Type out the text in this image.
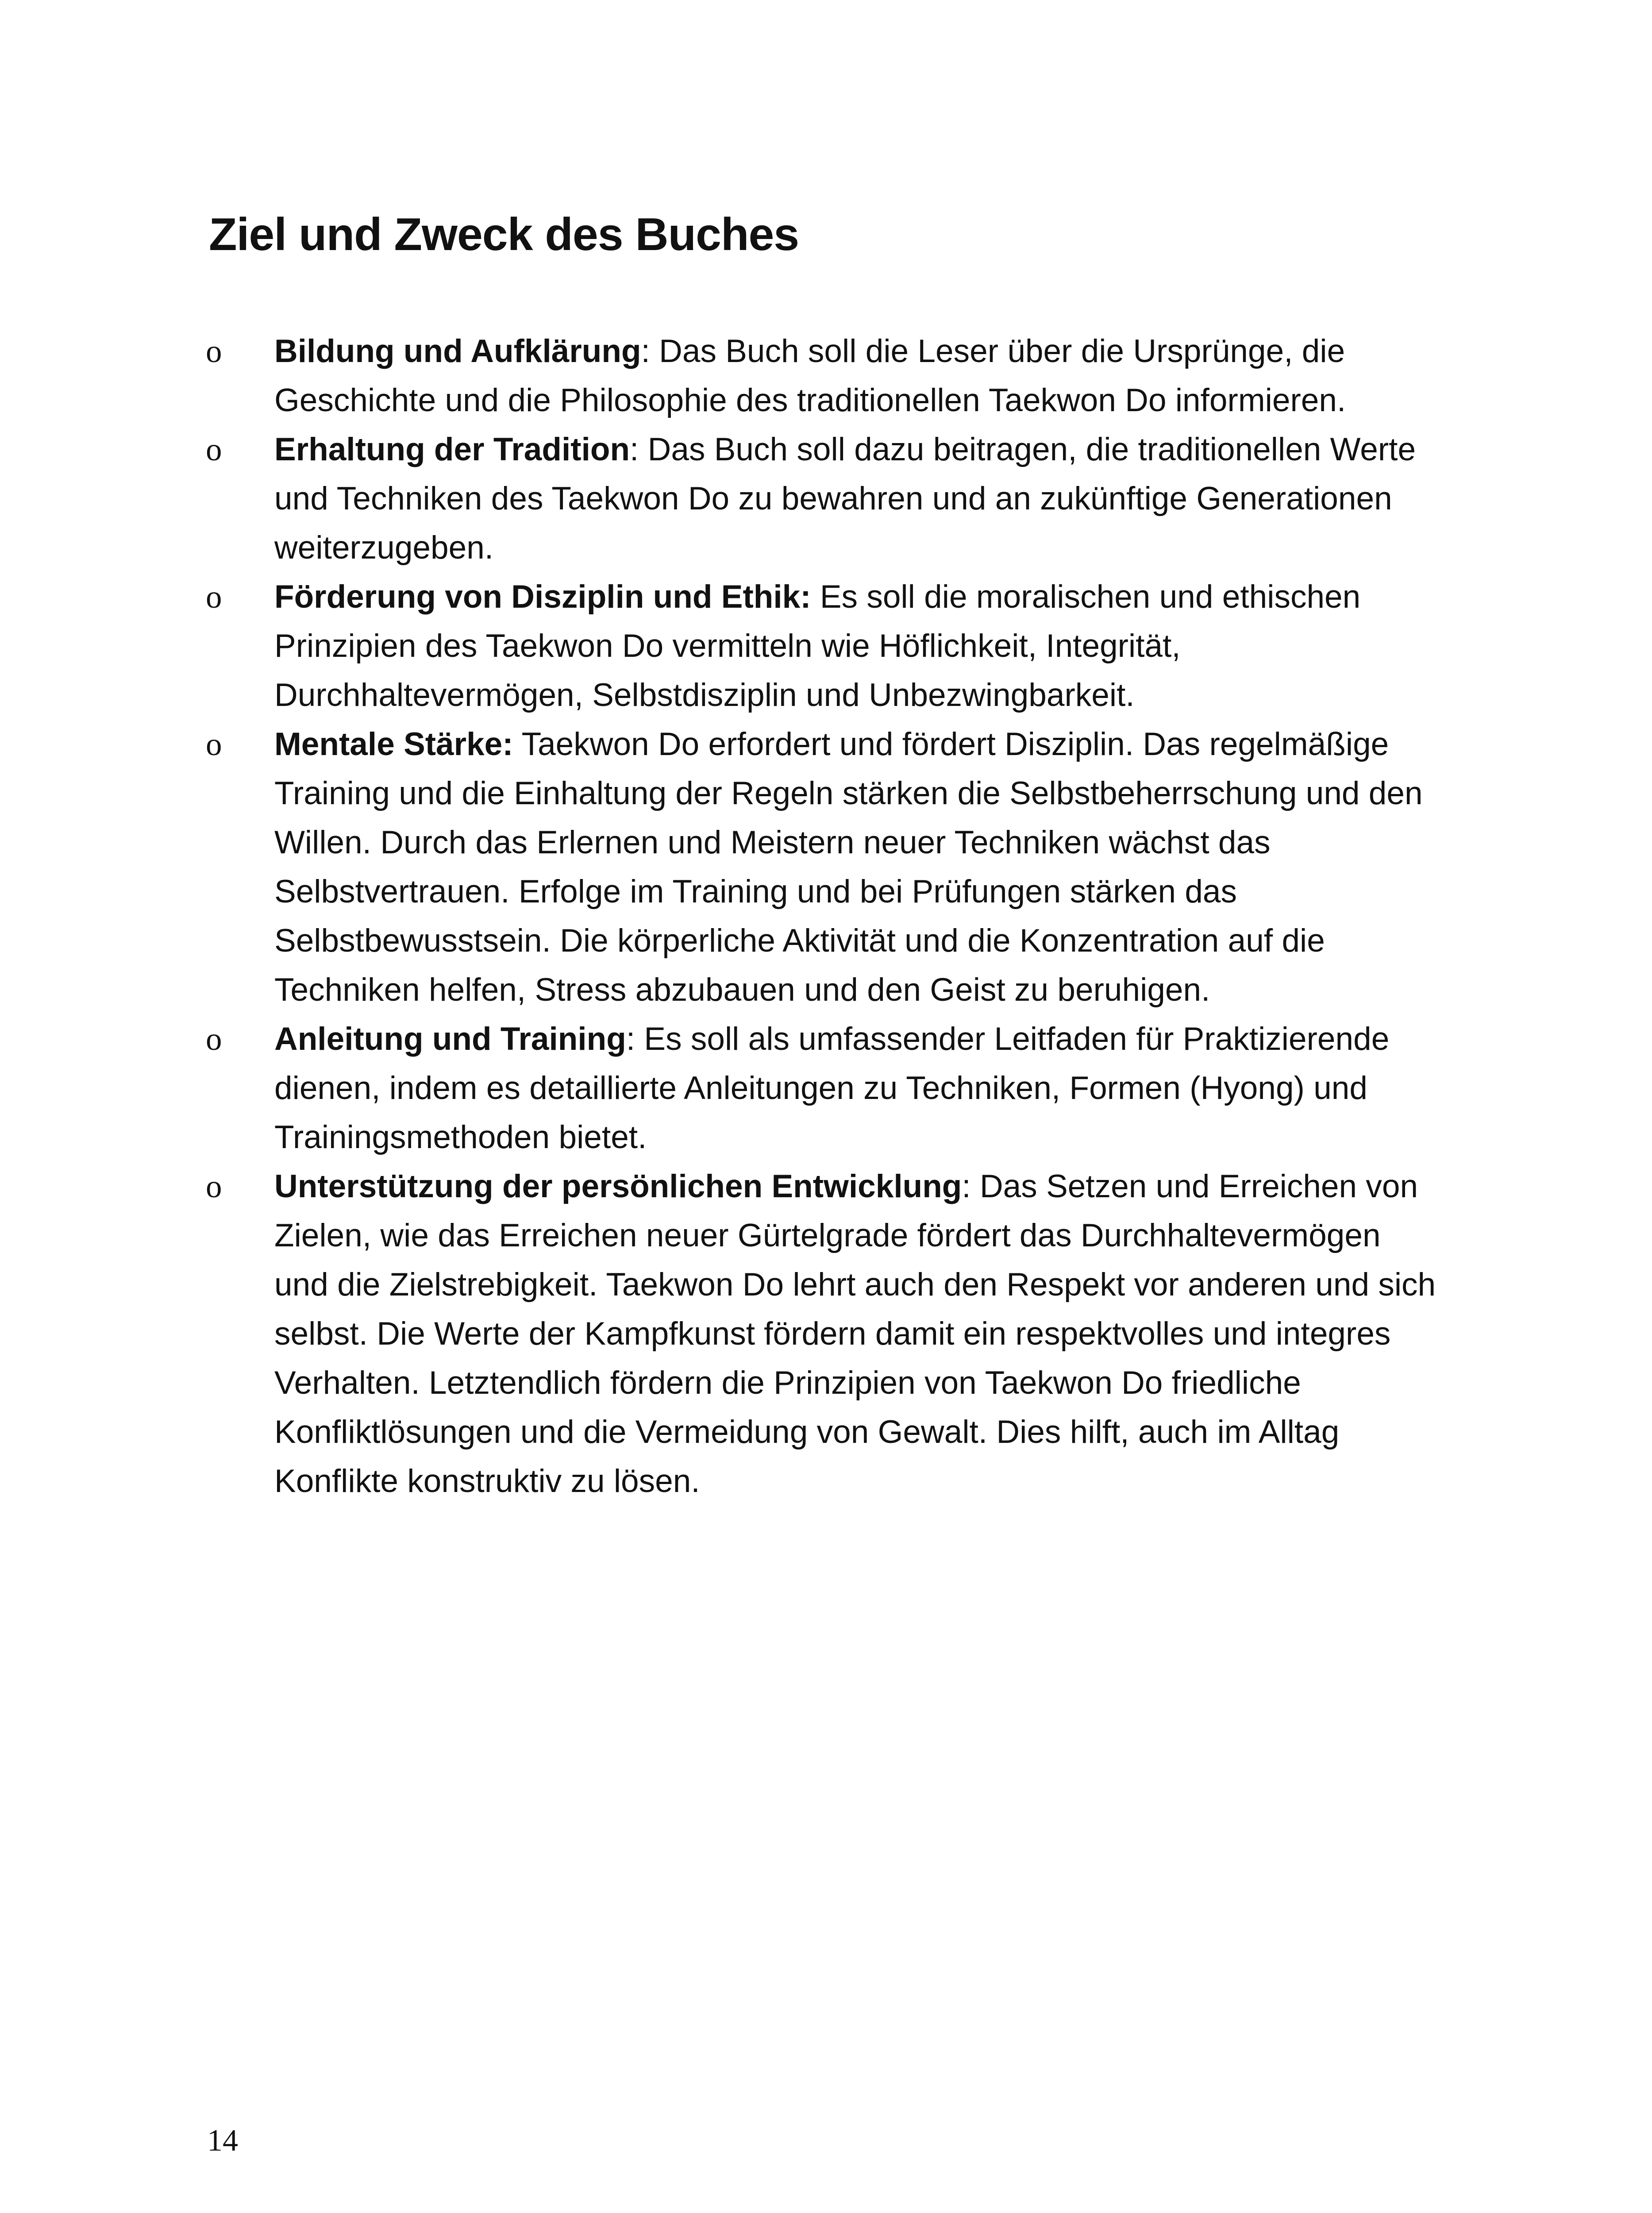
Ziel und Zweck des Buches
o	Bildung und Aufklärung: Das Buch soll die Leser über die Ursprünge, die Geschichte und die Philosophie des traditionellen Taekwon Do informieren.
o	Erhaltung der Tradition: Das Buch soll dazu beitragen, die traditionellen Werte und Techniken des Taekwon Do zu bewahren und an zukünftige Generationen weiterzugeben.
o	Förderung von Disziplin und Ethik: Es soll die moralischen und ethischen Prinzipien des Taekwon Do vermitteln wie Höflichkeit, Integrität, Durchhaltevermögen, Selbstdisziplin und Unbezwingbarkeit.
o	Mentale Stärke: Taekwon Do erfordert und fördert Disziplin. Das regelmäßige Training und die Einhaltung der Regeln stärken die Selbstbeherrschung und den Willen. Durch das Erlernen und Meistern neuer Techniken wächst das Selbstvertrauen. Erfolge im Training und bei Prüfungen stärken das Selbstbewusstsein. Die körperliche Aktivität und die Konzentration auf die Techniken helfen, Stress abzubauen und den Geist zu beruhigen.
o	Anleitung und Training: Es soll als umfassender Leitfaden für Praktizierende dienen, indem es detaillierte Anleitungen zu Techniken, Formen (Hyong) und Trainingsmethoden bietet.
o	Unterstützung der persönlichen Entwicklung: Das Setzen und Erreichen von Zielen, wie das Erreichen neuer Gürtelgrade fördert das Durchhaltevermögen und die Zielstrebigkeit. Taekwon Do lehrt auch den Respekt vor anderen und sich selbst. Die Werte der Kampfkunst fördern damit ein respektvolles und integres Verhalten. Letztendlich fördern die Prinzipien von Taekwon Do friedliche Konfliktlösungen und die Vermeidung von Gewalt. Dies hilft, auch im Alltag Konflikte konstruktiv zu lösen.
14
